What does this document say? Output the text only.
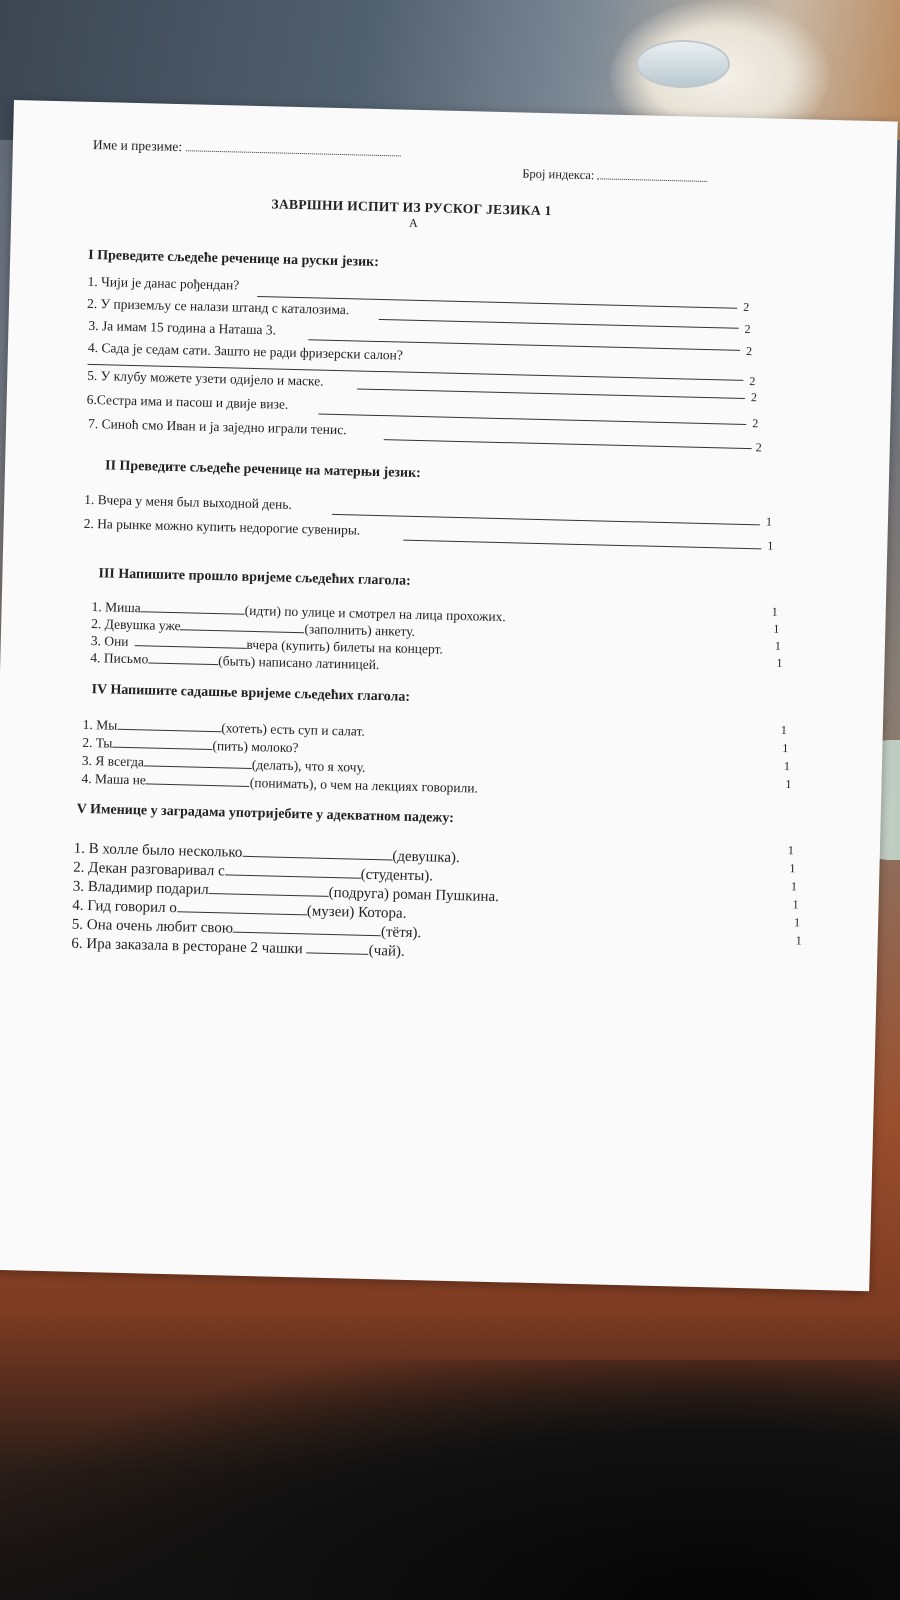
Име и презиме:
Број индекса:
ЗАВРШНИ ИСПИТ ИЗ РУСКОГ ЈЕЗИКА 1
А
I Преведите сљедеће реченице на руски језик:
1. Чији је данас рођендан?
2
2. У приземљу се налази штанд с каталозима.
2
3. Ја имам 15 година а Наташа 3.
2
4. Сада је седам сати. Зашто не ради фризерски салон?
2
5. У клубу можете узети одијело и маске.
2
6.Сестра има и пасош и двије визе.
2
7. Синоћ смо Иван и ја заједно играли тенис.
2
II Преведите сљедеће реченице на матерњи језик:
1. Вчера у меня был выходной день.
1
2. На рынке можно купить недорогие сувениры.
1
III Напишите прошло вријеме сљедећих глагола:
1. Миша	(идти) по улице и смотрел на лица прохожих.	1
2. Девушка уже	(заполнить) анкету.	1
3. Они	вчера (купить) билеты на концерт.	1
4. Письмо	(быть) написано латиницей.	1
IV Напишите садашње вријеме сљедећих глагола:
1. Мы	(хотеть) есть суп и салат.	1
2. Ты	(пить) молоко?	1
3. Я всегда	(делать), что я хочу.	1
4. Маша не	(понимать), о чем на лекциях говорили.	1
V Именице у заградама употријебите у адекватном падежу:
1. В холле было несколько	(девушка).	1
2. Декан разговаривал с	(студенты).	1
3. Владимир подарил	(подруга) роман Пушкина.	1
4. Гид говорил о	(музеи) Котора.	1
5. Она очень любит свою	(тётя).
1
6. Ира заказала в ресторане 2 чашки	(чай).
1
